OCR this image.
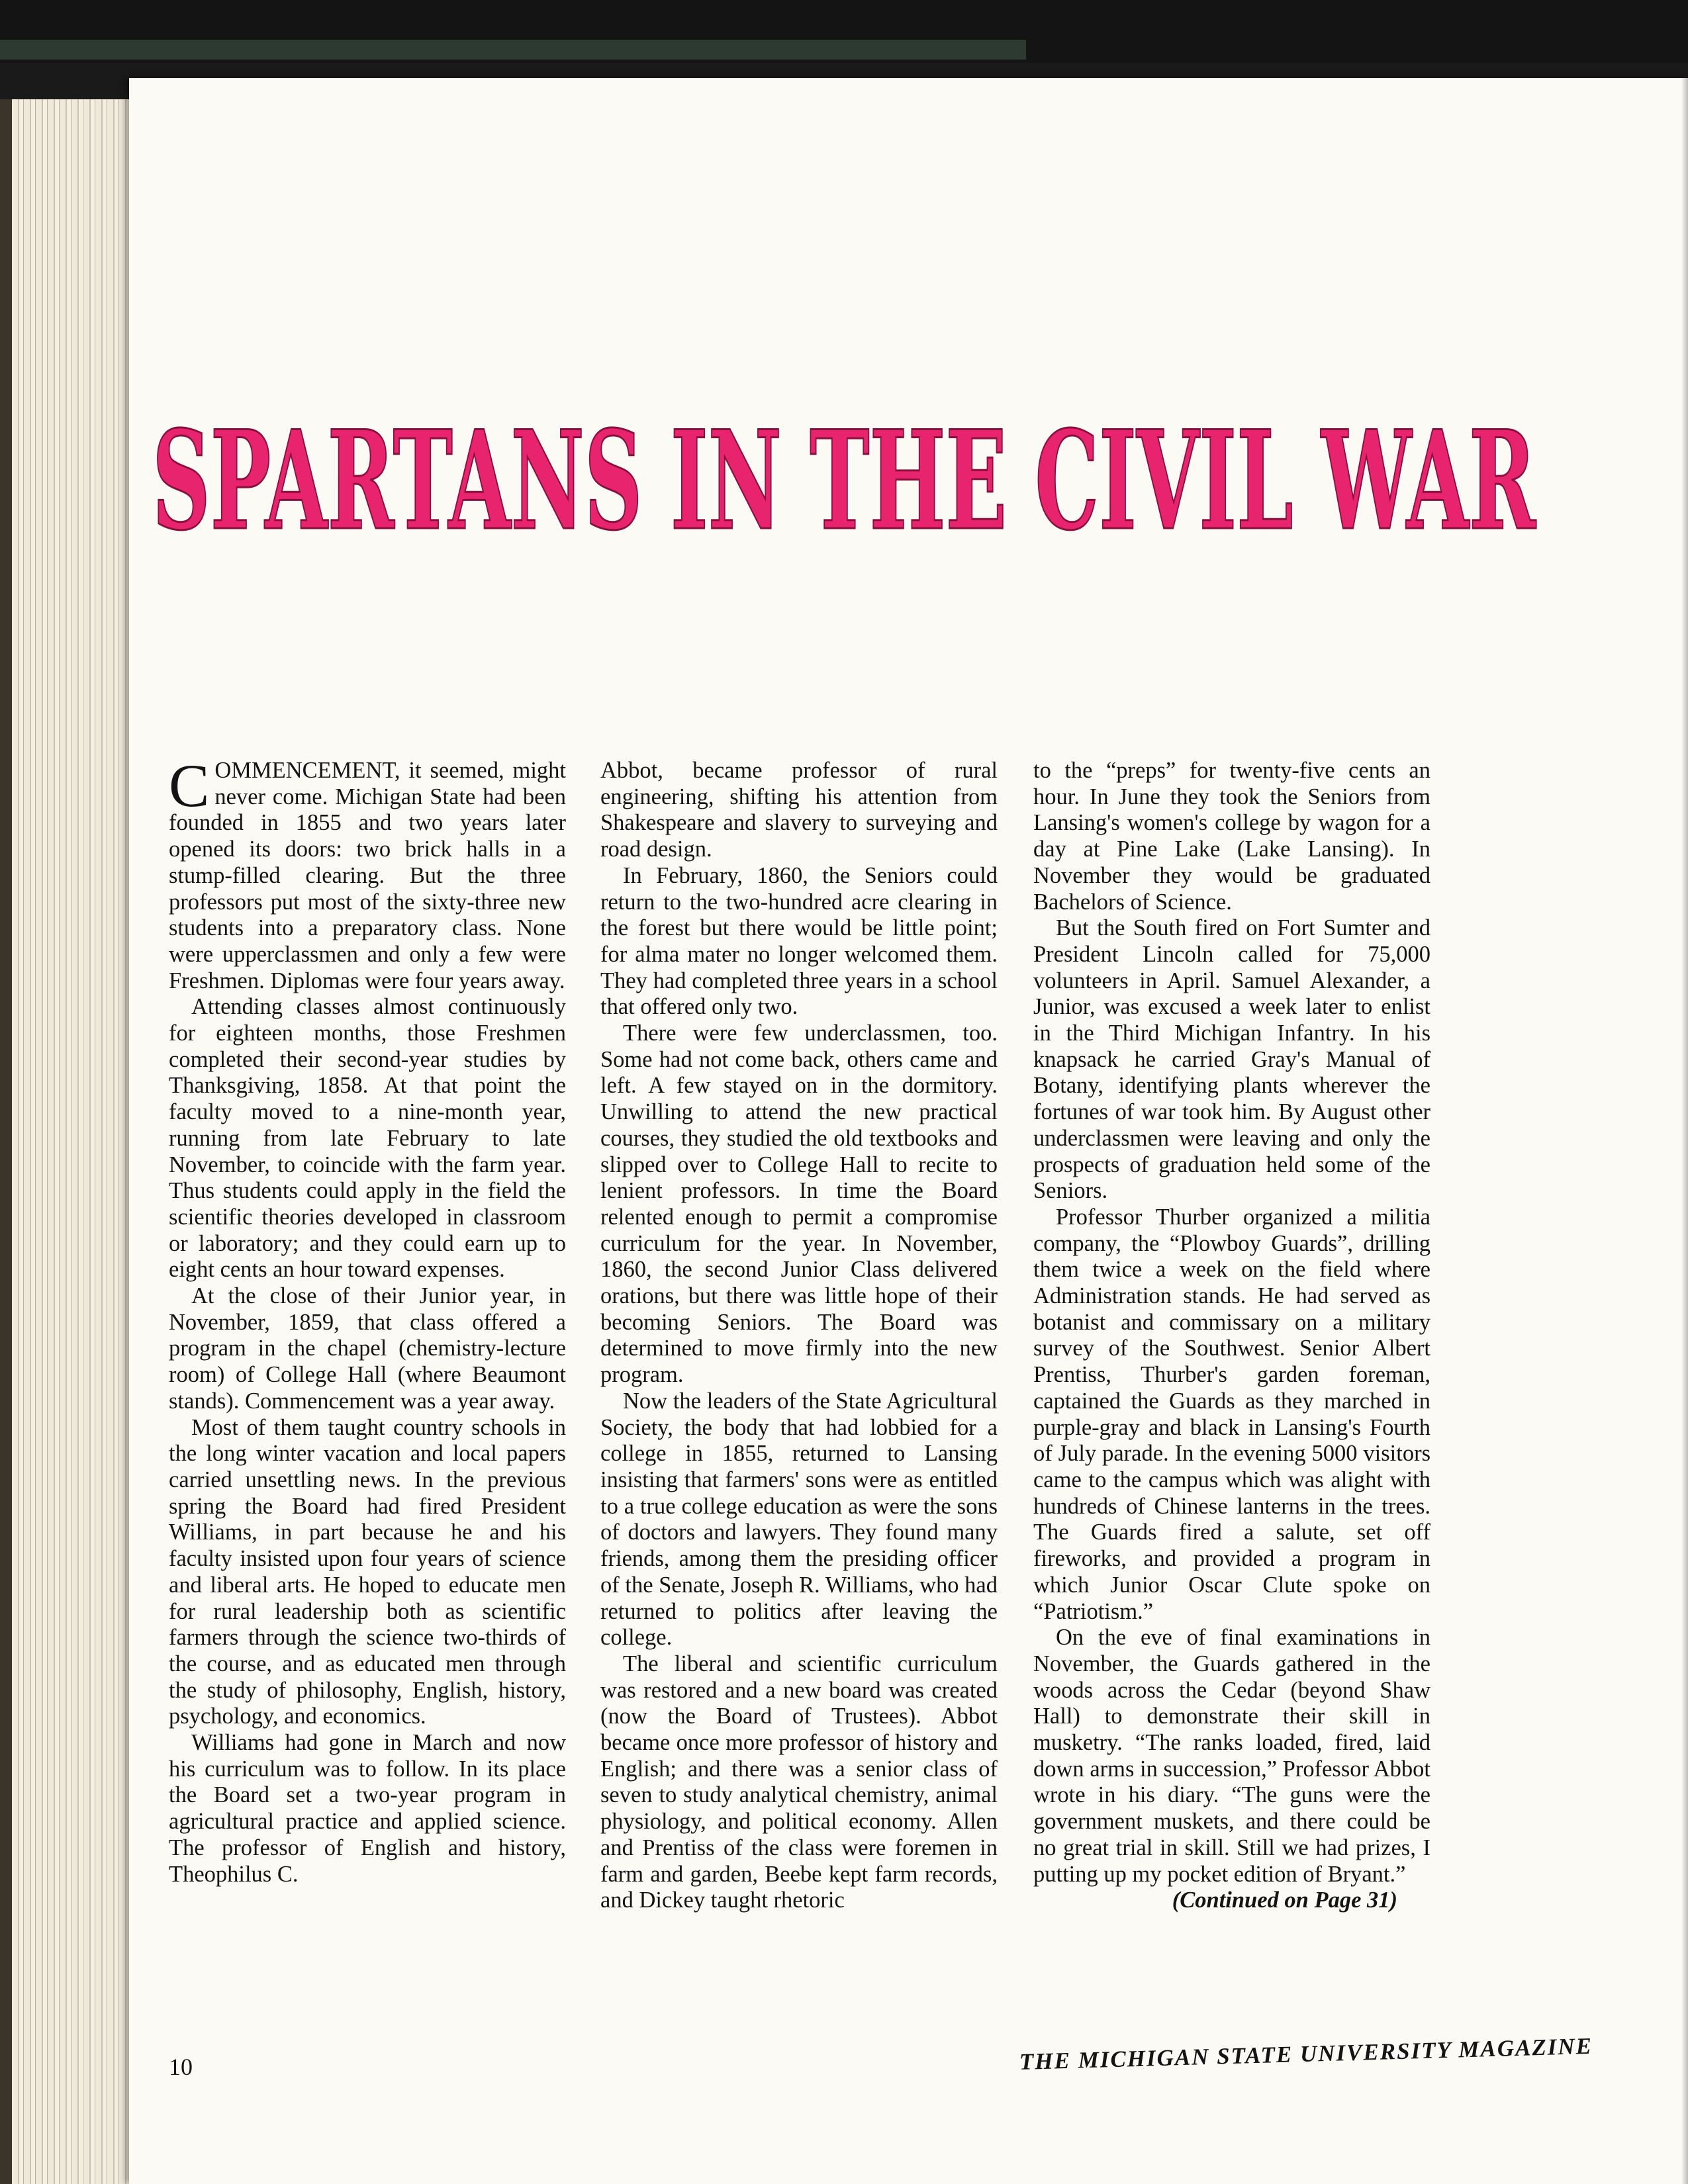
SPARTANS IN THE CIVIL WAR

COMMENCEMENT, it seemed, might never come. Michigan State had been founded in 1855 and two years later opened its doors: two brick halls in a stump-filled clearing. But the three professors put most of the sixty-three new students into a preparatory class. None were upperclassmen and only a few were Freshmen. Diplomas were four years away.

Attending classes almost continuously for eighteen months, those Freshmen completed their second-year studies by Thanksgiving, 1858. At that point the faculty moved to a nine-month year, running from late February to late November, to coincide with the farm year. Thus students could apply in the field the scientific theories developed in classroom or laboratory; and they could earn up to eight cents an hour toward expenses.

At the close of their Junior year, in November, 1859, that class offered a program in the chapel (chemistry-lecture room) of College Hall (where Beaumont stands). Commencement was a year away.

Most of them taught country schools in the long winter vacation and local papers carried unsettling news. In the previous spring the Board had fired President Williams, in part because he and his faculty insisted upon four years of science and liberal arts. He hoped to educate men for rural leadership both as scientific farmers through the science two-thirds of the course, and as educated men through the study of philosophy, English, history, psychology, and economics.

Williams had gone in March and now his curriculum was to follow. In its place the Board set a two-year program in agricultural practice and applied science. The professor of English and history, Theophilus C.

Abbot, became professor of rural engineering, shifting his attention from Shakespeare and slavery to surveying and road design.

In February, 1860, the Seniors could return to the two-hundred acre clearing in the forest but there would be little point; for alma mater no longer welcomed them. They had completed three years in a school that offered only two.

There were few underclassmen, too. Some had not come back, others came and left. A few stayed on in the dormitory. Unwilling to attend the new practical courses, they studied the old textbooks and slipped over to College Hall to recite to lenient professors. In time the Board relented enough to permit a compromise curriculum for the year. In November, 1860, the second Junior Class delivered orations, but there was little hope of their becoming Seniors. The Board was determined to move firmly into the new program.

Now the leaders of the State Agricultural Society, the body that had lobbied for a college in 1855, returned to Lansing insisting that farmers' sons were as entitled to a true college education as were the sons of doctors and lawyers. They found many friends, among them the presiding officer of the Senate, Joseph R. Williams, who had returned to politics after leaving the college.

The liberal and scientific curriculum was restored and a new board was created (now the Board of Trustees). Abbot became once more professor of history and English; and there was a senior class of seven to study analytical chemistry, animal physiology, and political economy. Allen and Prentiss of the class were foremen in farm and garden, Beebe kept farm records, and Dickey taught rhetoric

to the “preps” for twenty-five cents an hour. In June they took the Seniors from Lansing's women's college by wagon for a day at Pine Lake (Lake Lansing). In November they would be graduated Bachelors of Science.

But the South fired on Fort Sumter and President Lincoln called for 75,000 volunteers in April. Samuel Alexander, a Junior, was excused a week later to enlist in the Third Michigan Infantry. In his knapsack he carried Gray's Manual of Botany, identifying plants wherever the fortunes of war took him. By August other underclassmen were leaving and only the prospects of graduation held some of the Seniors.

Professor Thurber organized a militia company, the “Plowboy Guards”, drilling them twice a week on the field where Administration stands. He had served as botanist and commissary on a military survey of the Southwest. Senior Albert Prentiss, Thurber's garden foreman, captained the Guards as they marched in purple-gray and black in Lansing's Fourth of July parade. In the evening 5000 visitors came to the campus which was alight with hundreds of Chinese lanterns in the trees. The Guards fired a salute, set off fireworks, and provided a program in which Junior Oscar Clute spoke on “Patriotism.”

On the eve of final examinations in November, the Guards gathered in the woods across the Cedar (beyond Shaw Hall) to demonstrate their skill in musketry. “The ranks loaded, fired, laid down arms in succession,” Professor Abbot wrote in his diary. “The guns were the government muskets, and there could be no great trial in skill. Still we had prizes, I putting up my pocket edition of Bryant.”

(Continued on Page 31)

10	THE MICHIGAN STATE UNIVERSITY MAGAZINE
